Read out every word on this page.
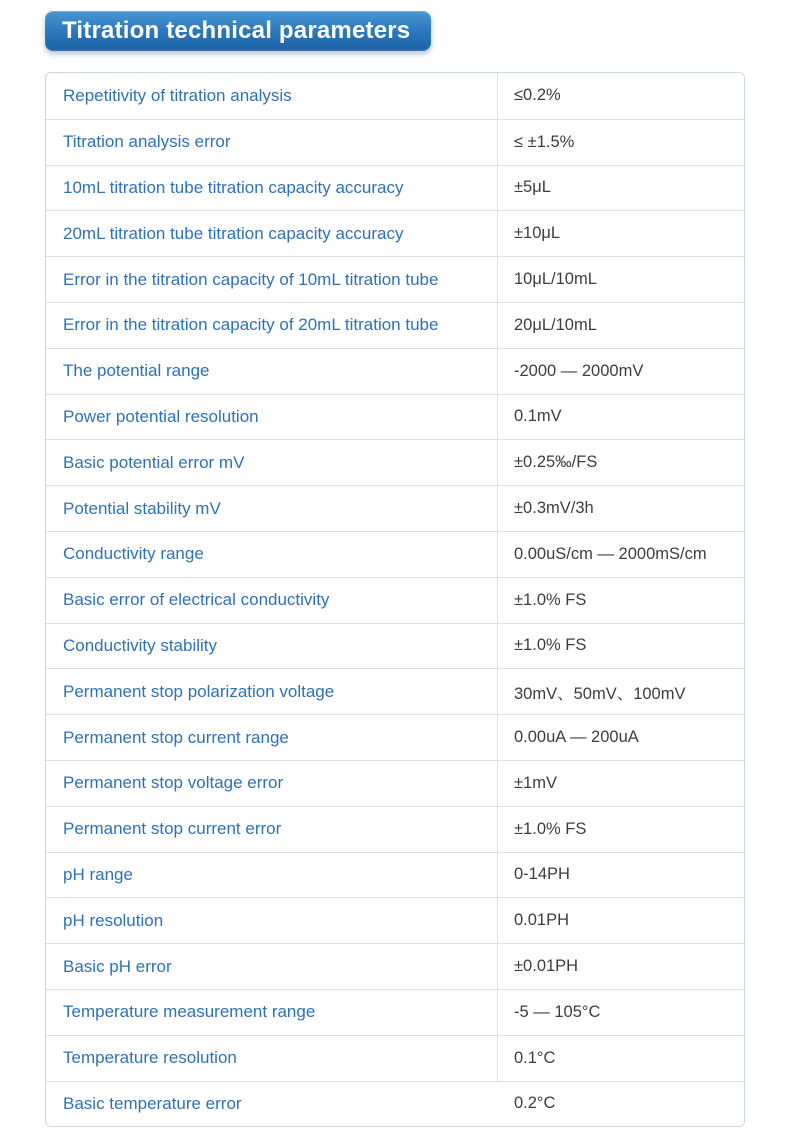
Titration technical parameters
Repetitivity of titration analysis	≤0.2%
Titration analysis error	≤ ±1.5%
10mL titration tube titration capacity accuracy	±5μL
20mL titration tube titration capacity accuracy	±10μL
Error in the titration capacity of 10mL titration tube	10μL/10mL
Error in the titration capacity of 20mL titration tube	20μL/10mL
The potential range	-2000 — 2000mV
Power potential resolution	0.1mV
Basic potential error mV	±0.25‰/FS
Potential stability mV	±0.3mV/3h
Conductivity range	0.00uS/cm — 2000mS/cm
Basic error of electrical conductivity	±1.0% FS
Conductivity stability	±1.0% FS
Permanent stop polarization voltage	30mV、50mV、100mV
Permanent stop current range	0.00uA — 200uA
Permanent stop voltage error	±1mV
Permanent stop current error	±1.0% FS
pH range	0-14PH
pH resolution	0.01PH
Basic pH error	±0.01PH
Temperature measurement range	-5 — 105°C
Temperature resolution	0.1°C
Basic temperature error	0.2°C
